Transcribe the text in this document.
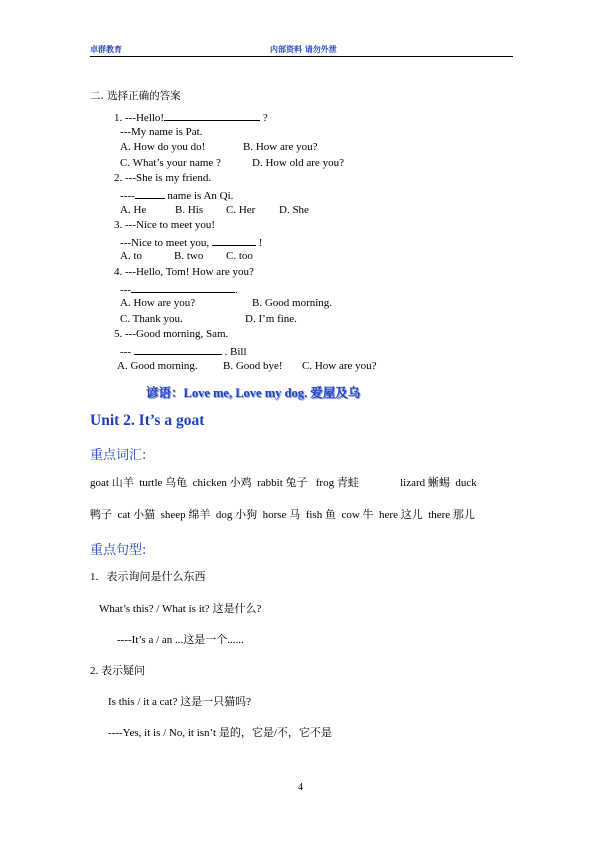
卓群教育	内部资料 请勿外泄
二. 选择正确的答案
1. ---Hello!	?
---My name is Pat.
A. How do you do!	B. How are you?
C. What’s your name ?	D. How old are you?
2. ---She is my friend.
----	name is An Qi.
A. He	B. His C. Her D. She
3. ---Nice to meet you!
---Nice to meet you,	!
A. to	B. two C. too
4. ---Hello, Tom! How are you?
---	.
A. How are you?	B. Good morning.
C. Thank you.	D. I’m fine.
5. ---Good morning, Sam.
---	. Bill
A. Good morning. B. Good bye! C. How are you?
谚语：Love me, Love my dog. 爱屋及乌
Unit 2. It’s a goat
重点词汇:
goat 山羊  turtle 乌龟  chicken 小鸡  rabbit 兔子   frog 青蛙               lizard 蜥蜴  duck
鸭子  cat 小猫  sheep 绵羊  dog 小狗  horse 马  fish 鱼  cow 牛  here 这儿  there 那儿
重点句型:
1.   表示询问是什么东西
What’s this? / What is it? 这是什么?
----It’s a / an ...这是一个......
2. 表示疑问
Is this / it a cat? 这是一只猫吗?
----Yes, it is / No, it isn’t 是的，它是/不，它不是
4
